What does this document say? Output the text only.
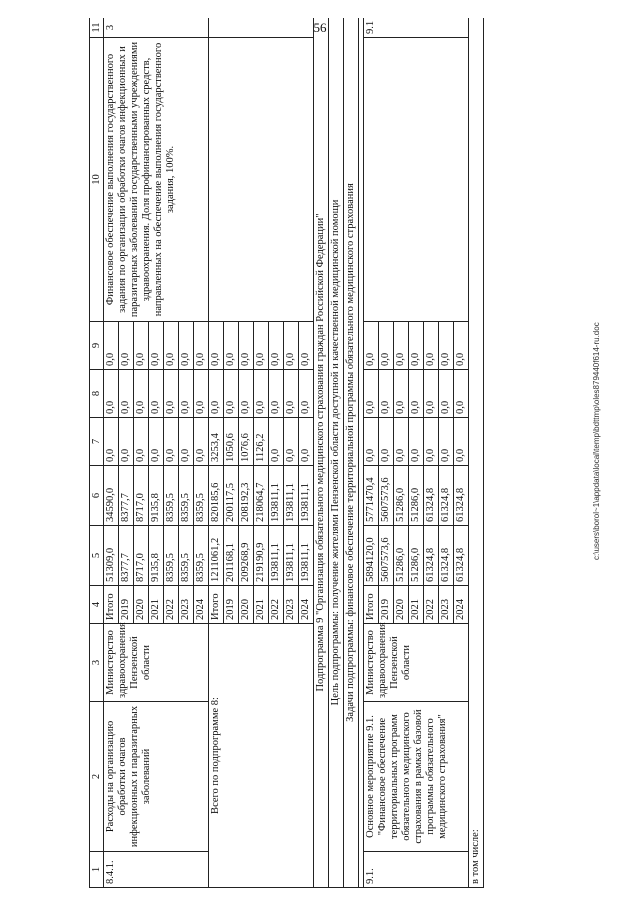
56
1	2	3	4	5	6	7	8	9	10	11
8.4.1.	Расходы на организацию обработки очагов инфекционных и паразитарных заболеваний	Министерство здравоохранения Пензенской области	Итого	51309,0	34590,0	0,0	0,0	0,0	Финансовое обеспечение выполнения государственного задания по организации обработки очагов инфекционных и паразитарных заболеваний государственными учреждениями здравоохранения. Доля профинансированных средств, направленных на обеспечение выполнения государственного задания, 100%.	3
			2019	8377,7	8377,7	0,0	0,0	0,0		
			2020	8717,0	8717,0	0,0	0,0	0,0		
			2021	9135,8	9135,8	0,0	0,0	0,0		
			2022	8359,5	8359,5	0,0	0,0	0,0		
			2023	8359,5	8359,5	0,0	0,0	0,0		
			2024	8359,5	8359,5	0,0	0,0	0,0		
Всего по подпрограмме 8:			Итого	1211061,2	820185,6	3253,4	0,0	0,0		
			2019	201168,1	200117,5	1050,6	0,0	0,0		
			2020	209268,9	208192,3	1076,6	0,0	0,0		
			2021	219190,9	218064,7	1126,2	0,0	0,0		
			2022	193811,1	193811,1	0,0	0,0	0,0		
			2023	193811,1	193811,1	0,0	0,0	0,0		
			2024	193811,1	193811,1	0,0	0,0	0,0		
Подпрограмма 9 "Организация обязательного медицинского страхования граждан Российской Федерации"										
Цель подпрограммы: получение жителями Пензенской области доступной и качественной медицинской помощи										
Задачи подпрограммы: финансовое обеспечение территориальной программы обязательного медицинского страхования										

9.1.	Основное мероприятие 9.1. "Финансовое обеспечение территориальных программ обязательного медицинского страхования в рамках базовой программы обязательного медицинского страхования"	Министерство здравоохранения Пензенской области	Итого	5894120,0	5771470,4	0,0	0,0	0,0		9.1
			2019	5607573,6	5607573,6	0,0	0,0	0,0		
			2020	51286,0	51286,0	0,0	0,0	0,0		
			2021	51286,0	51286,0	0,0	0,0	0,0		
			2022	61324,8	61324,8	0,0	0,0	0,0		
			2023	61324,8	61324,8	0,0	0,0	0,0		
			2024	61324,8	61324,8	0,0	0,0	0,0		
в том числе:										
c:\users\borol~1\appdata\local\temp\bdttmp\oles879440f614-ru.doc
